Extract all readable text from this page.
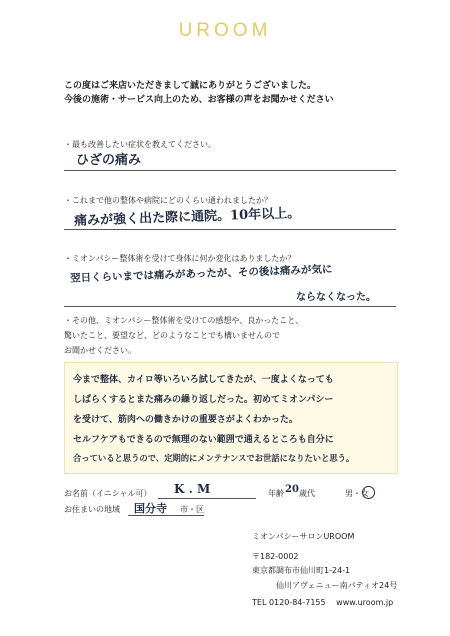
UROOM
この度はご来店いただきまして誠にありがとうございました。
今後の施術・サービス向上のため、お客様の声をお聞かせください
・最も改善したい症状を教えてください。
ひざの痛み
・これまで他の整体や病院にどのくらい通われましたか？
痛みが強く出た際に通院。10年以上。
・ミオンパシー整体術を受けて身体に何か変化はありましたか？
翌日くらいまでは痛みがあったが、その後は痛みが気に
ならなくなった。
・その他、ミオンパシー整体術を受けての感想や、良かったこと、
驚いたこと、要望など、どのようなことでも構いませんので
お聞かせください。
今まで整体、カイロ等いろいろ試してきたが、一度よくなっても
しばらくするとまた痛みの繰り返しだった。初めてミオンパシー
を受けて、筋肉への働きかけの重要さがよくわかった。
セルフケアもできるので無理のない範囲で通えるところも自分に
合っていると思うので、定期的にメンテナンスでお世話になりたいと思う。
お名前（イニシャル可） K . M	年齢 20 歳代	男・女
お住まいの地域 国分寺 市・区
ミオンパシーサロンUROOM
〒182-0002
東京都調布市仙川町1-24-1
仙川アヴェニュー南パティオ24号
TEL 0120-84-7155 www.uroom.jp
